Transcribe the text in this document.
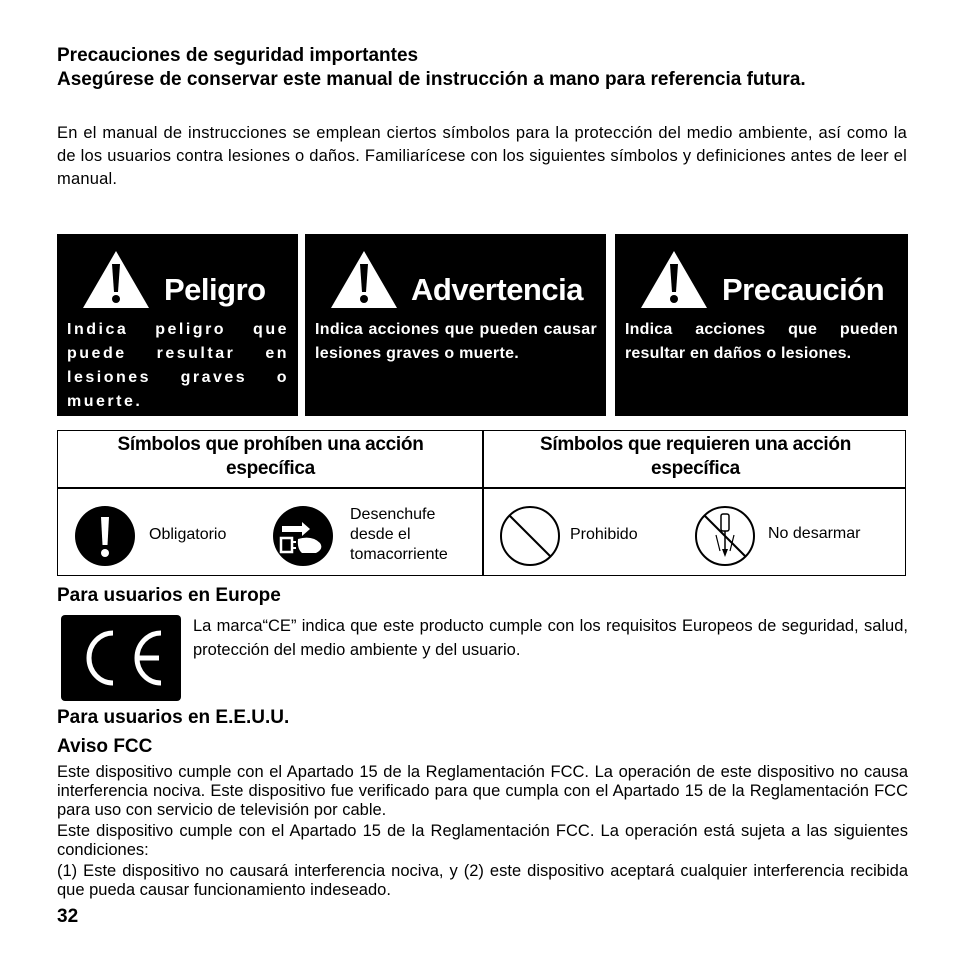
Precauciones de seguridad importantes
Asegúrese de conservar este manual de instrucción a mano para referencia futura.
En el manual de instrucciones se emplean ciertos símbolos para la protección del medio ambiente, así como la de los usuarios contra lesiones o daños. Familiarícese con los siguientes símbolos y definiciones antes de leer el manual.
Peligro
Indica peligro que puede resultar en lesiones graves o muerte.
Advertencia
Indica acciones que pueden causar lesiones graves o muerte.
Precaución
Indica acciones que pueden resultar en daños o lesiones.
Símbolos que prohíben una acción específica
Símbolos que requieren una acción específica
Obligatorio
Desenchufe desde el tomacorriente
Prohibido	No desarmar
Para usuarios en Europe
La marca“CE” indica que este producto cumple con los requisitos Europeos de seguridad, salud, protección del medio ambiente y del usuario.
Para usuarios en E.E.U.U.
Aviso FCC
Este dispositivo cumple con el Apartado 15 de la Reglamentación FCC. La operación de este dispositivo no causa interferencia nociva. Este dispositivo fue verificado para que cumpla con el Apartado 15 de la Reglamentación FCC para uso con servicio de televisión por cable.
Este dispositivo cumple con el Apartado 15 de la Reglamentación FCC. La operación está sujeta a las siguientes condiciones:
(1) Este dispositivo no causará interferencia nociva, y (2) este dispositivo aceptará cualquier interferencia recibida que pueda causar funcionamiento indeseado.
32
